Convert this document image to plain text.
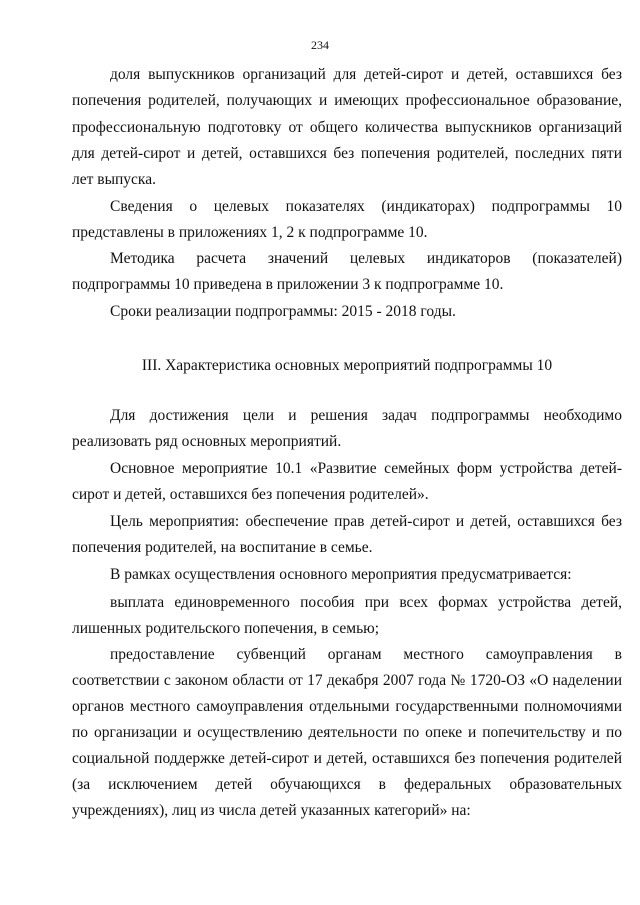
234

доля выпускников организаций для детей-сирот и детей, оставшихся без попечения родителей, получающих и имеющих профессиональное образование, профессиональную подготовку от общего количества выпускников организаций для детей-сирот и детей, оставшихся без попечения родителей, последних пяти лет выпуска.

Сведения о целевых показателях (индикаторах) подпрограммы 10 представлены в приложениях 1, 2 к подпрограмме 10.

Методика расчета значений целевых индикаторов (показателей) подпрограммы 10 приведена в приложении 3 к подпрограмме 10.

Сроки реализации подпрограммы: 2015 - 2018 годы.

III. Характеристика основных мероприятий подпрограммы 10

Для достижения цели и решения задач подпрограммы необходимо реализовать ряд основных мероприятий.

Основное мероприятие 10.1 «Развитие семейных форм устройства детей-сирот и детей, оставшихся без попечения родителей».

Цель мероприятия: обеспечение прав детей-сирот и детей, оставшихся без попечения родителей, на воспитание в семье.

В рамках осуществления основного мероприятия предусматривается:

выплата единовременного пособия при всех формах устройства детей, лишенных родительского попечения, в семью;

предоставление субвенций органам местного самоуправления в соответствии с законом области от 17 декабря 2007 года № 1720-ОЗ «О наделении органов местного самоуправления отдельными государственными полномочиями по организации и осуществлению деятельности по опеке и попечительству и по социальной поддержке детей-сирот и детей, оставшихся без попечения родителей (за исключением детей обучающихся в федеральных образовательных учреждениях), лиц из числа детей указанных категорий» на:
